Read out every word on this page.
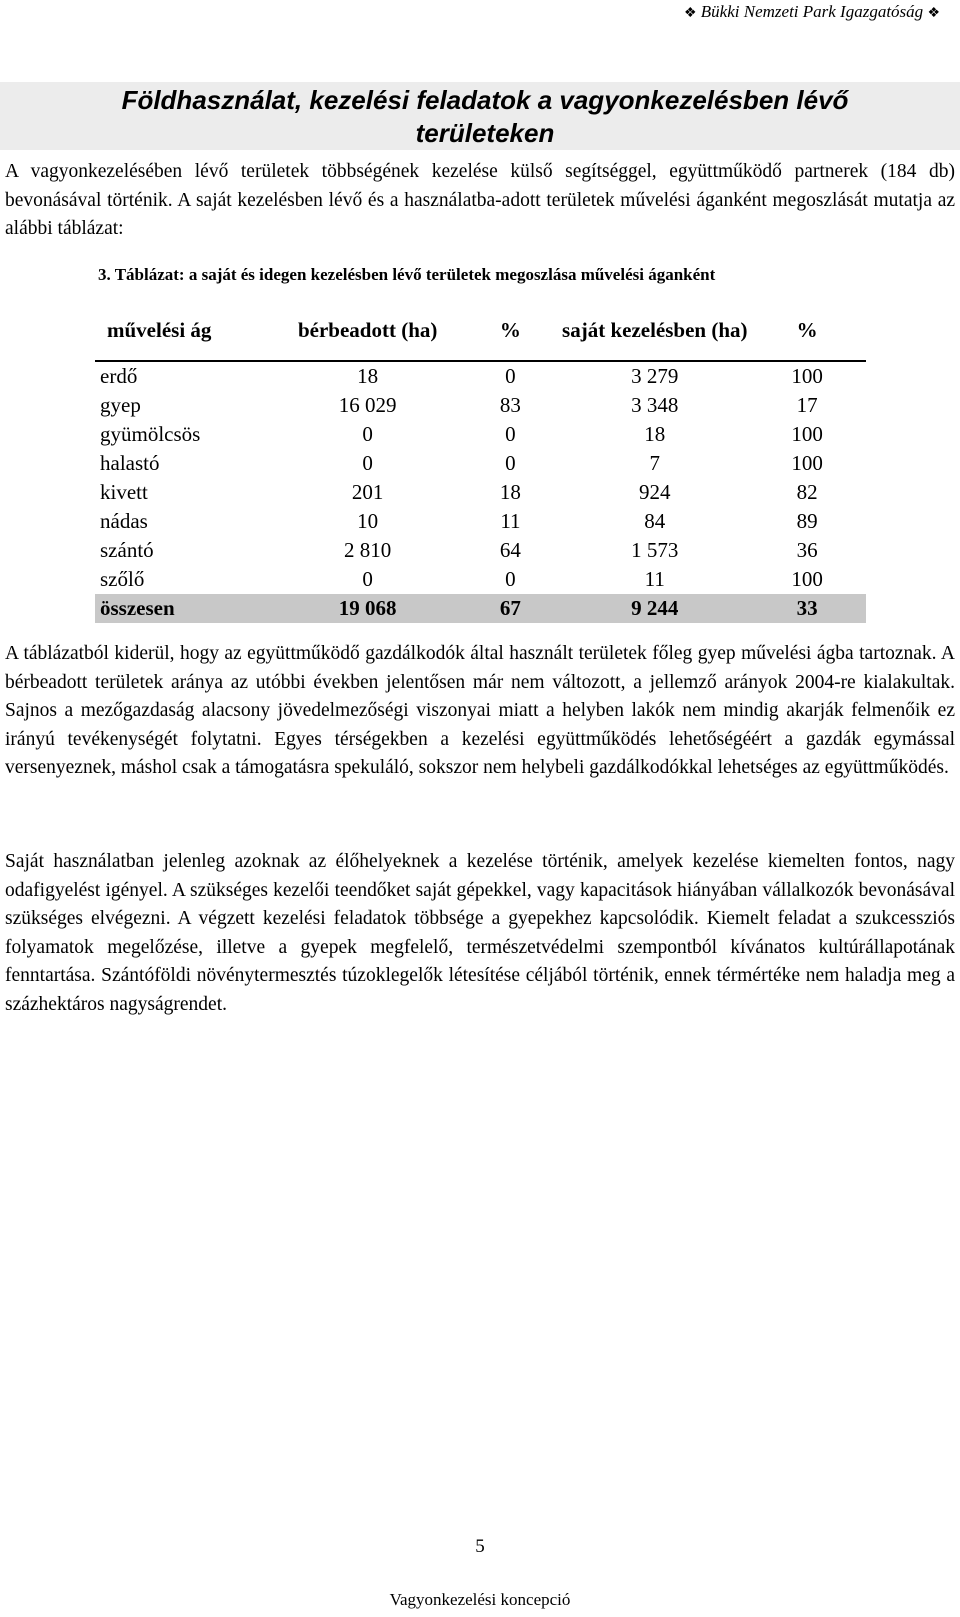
❖ Bükki Nemzeti Park Igazgatóság ❖
Földhasználat, kezelési feladatok a vagyonkezelésben lévő területeken
A vagyonkezelésében lévő területek többségének kezelése külső segítséggel, együttműködő partnerek (184 db) bevonásával történik. A saját kezelésben lévő és a használatba-adott területek művelési áganként megoszlását mutatja az alábbi táblázat:
3. Táblázat: a saját és idegen kezelésben lévő területek megoszlása művelési áganként
művelési ág	bérbeadott (ha)	%	saját kezelésben (ha)	%
erdő	18	0	3 279	100
gyep	16 029	83	3 348	17
gyümölcsös	0	0	18	100
halastó	0	0	7	100
kivett	201	18	924	82
nádas	10	11	84	89
szántó	2 810	64	1 573	36
szőlő	0	0	11	100
összesen	19 068	67	9 244	33
A táblázatból kiderül, hogy az együttműködő gazdálkodók által használt területek főleg gyep művelési ágba tartoznak. A bérbeadott területek aránya az utóbbi években jelentősen már nem változott, a jellemző arányok 2004-re kialakultak. Sajnos a mezőgazdaság alacsony jövedelmezőségi viszonyai miatt a helyben lakók nem mindig akarják felmenőik ez irányú tevékenységét folytatni. Egyes térségekben a kezelési együttműködés lehetőségéért a gazdák egymással versenyeznek, máshol csak a támogatásra spekuláló, sokszor nem helybeli gazdálkodókkal lehetséges az együttműködés.
Saját használatban jelenleg azoknak az élőhelyeknek a kezelése történik, amelyek kezelése kiemelten fontos, nagy odafigyelést igényel. A szükséges kezelői teendőket saját gépekkel, vagy kapacitások hiányában vállalkozók bevonásával szükséges elvégezni. A végzett kezelési feladatok többsége a gyepekhez kapcsolódik. Kiemelt feladat a szukcessziós folyamatok megelőzése, illetve a gyepek megfelelő, természetvédelmi szempontból kívánatos kultúrállapotának fenntartása. Szántóföldi növénytermesztés túzoklegelők létesítése céljából történik, ennek térmértéke nem haladja meg a százhektáros nagyságrendet.
5
Vagyonkezelési koncepció
